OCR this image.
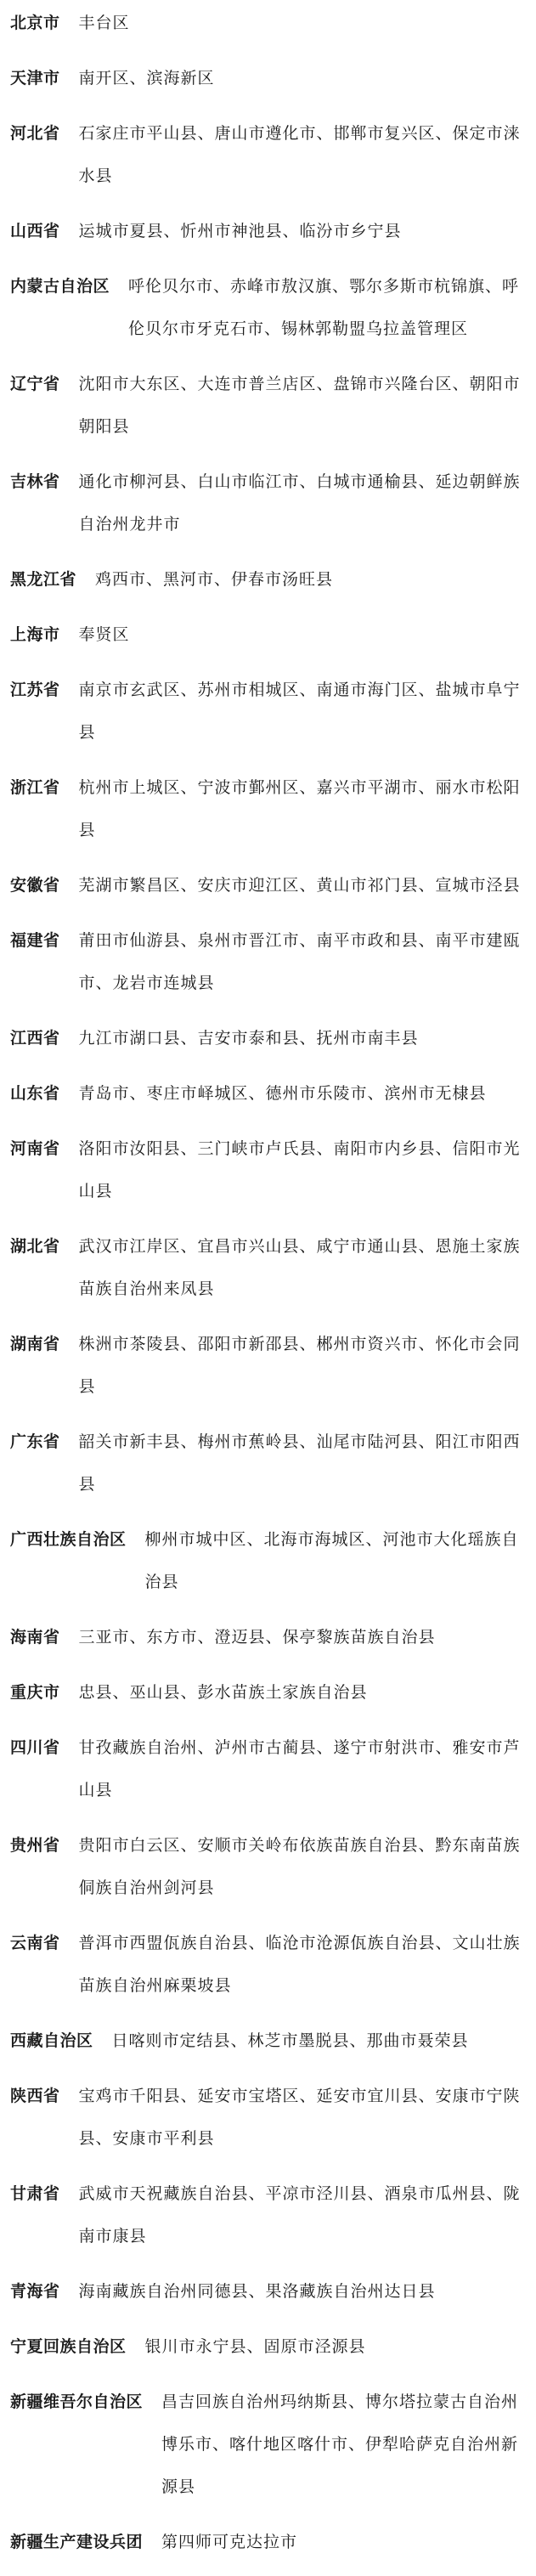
北京市	丰台区
天津市	南开区、滨海新区
河北省	石家庄市平山县、唐山市遵化市、邯郸市复兴区、保定市涞水县
山西省	运城市夏县、忻州市神池县、临汾市乡宁县
内蒙古自治区	呼伦贝尔市、赤峰市敖汉旗、鄂尔多斯市杭锦旗、呼伦贝尔市牙克石市、锡林郭勒盟乌拉盖管理区
辽宁省	沈阳市大东区、大连市普兰店区、盘锦市兴隆台区、朝阳市朝阳县
吉林省	通化市柳河县、白山市临江市、白城市通榆县、延边朝鲜族自治州龙井市
黑龙江省	鸡西市、黑河市、伊春市汤旺县
上海市	奉贤区
江苏省	南京市玄武区、苏州市相城区、南通市海门区、盐城市阜宁县
浙江省	杭州市上城区、宁波市鄞州区、嘉兴市平湖市、丽水市松阳县
安徽省	芜湖市繁昌区、安庆市迎江区、黄山市祁门县、宣城市泾县
福建省	莆田市仙游县、泉州市晋江市、南平市政和县、南平市建瓯市、龙岩市连城县
江西省	九江市湖口县、吉安市泰和县、抚州市南丰县
山东省	青岛市、枣庄市峄城区、德州市乐陵市、滨州市无棣县
河南省	洛阳市汝阳县、三门峡市卢氏县、南阳市内乡县、信阳市光山县
湖北省	武汉市江岸区、宜昌市兴山县、咸宁市通山县、恩施土家族苗族自治州来凤县
湖南省	株洲市茶陵县、邵阳市新邵县、郴州市资兴市、怀化市会同县
广东省	韶关市新丰县、梅州市蕉岭县、汕尾市陆河县、阳江市阳西县
广西壮族自治区	柳州市城中区、北海市海城区、河池市大化瑶族自治县
海南省	三亚市、东方市、澄迈县、保亭黎族苗族自治县
重庆市	忠县、巫山县、彭水苗族土家族自治县
四川省	甘孜藏族自治州、泸州市古蔺县、遂宁市射洪市、雅安市芦山县
贵州省	贵阳市白云区、安顺市关岭布依族苗族自治县、黔东南苗族侗族自治州剑河县
云南省	普洱市西盟佤族自治县、临沧市沧源佤族自治县、文山壮族苗族自治州麻栗坡县
西藏自治区	日喀则市定结县、林芝市墨脱县、那曲市聂荣县
陕西省	宝鸡市千阳县、延安市宝塔区、延安市宜川县、安康市宁陕县、安康市平利县
甘肃省	武威市天祝藏族自治县、平凉市泾川县、酒泉市瓜州县、陇南市康县
青海省	海南藏族自治州同德县、果洛藏族自治州达日县
宁夏回族自治区	银川市永宁县、固原市泾源县
新疆维吾尔自治区	昌吉回族自治州玛纳斯县、博尔塔拉蒙古自治州博乐市、喀什地区喀什市、伊犁哈萨克自治州新源县
新疆生产建设兵团	第四师可克达拉市
